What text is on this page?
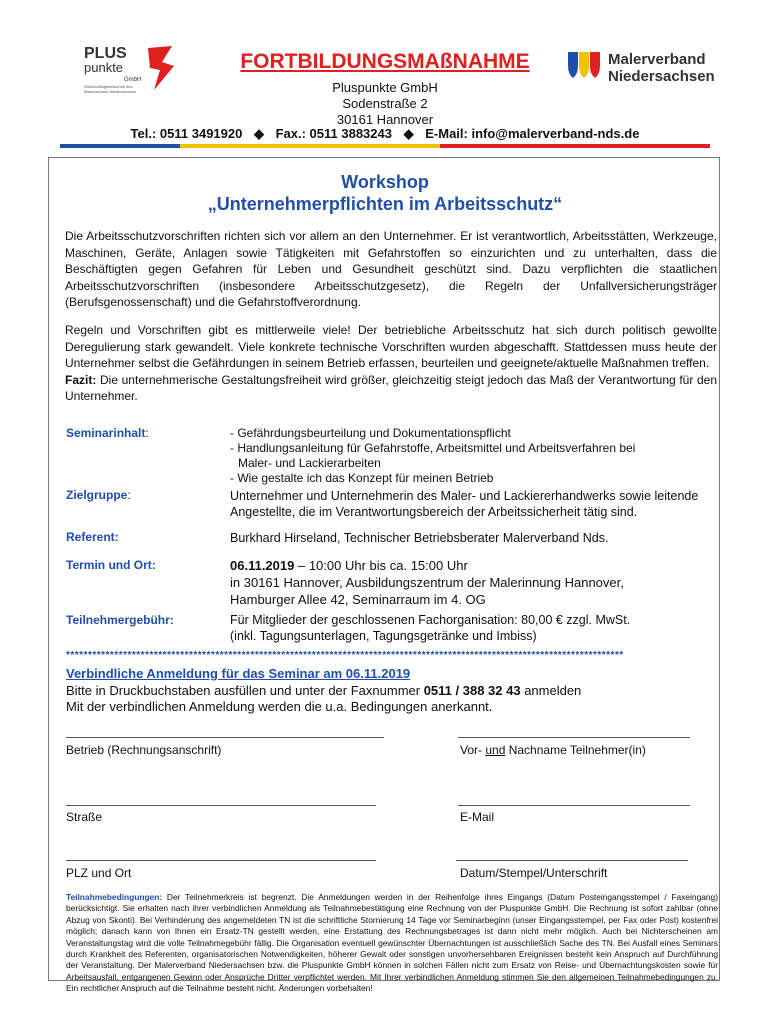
PLUS
punkte
GmbH
Wirtschaftsgesellschaft des
Malerverband Niedersachsen
FORTBILDUNGSMAßNAHME	Malerverband
Niedersachsen
Pluspunkte GmbH
Sodenstraße 2
30161 Hannover
Tel.: 0511 3491920 ◆ Fax.: 0511 3883243 ◆ E-Mail: info@malerverband-nds.de
Workshop
„Unternehmerpflichten im Arbeitsschutz“
Die Arbeitsschutzvorschriften richten sich vor allem an den Unternehmer. Er ist verantwortlich, Arbeitsstätten, Werkzeuge, Maschinen, Geräte, Anlagen sowie Tätigkeiten mit Gefahrstoffen so einzurichten und zu unterhalten, dass die Beschäftigten gegen Gefahren für Leben und Gesundheit geschützt sind. Dazu verpflichten die staatlichen Arbeitsschutzvorschriften (insbesondere Arbeitsschutzgesetz), die Regeln der Unfallversicherungsträger (Berufsgenossenschaft) und die Gefahrstoffverordnung.
Regeln und Vorschriften gibt es mittlerweile viele! Der betriebliche Arbeitsschutz hat sich durch politisch gewollte Deregulierung stark gewandelt. Viele konkrete technische Vorschriften wurden abgeschafft. Stattdessen muss heute der Unternehmer selbst die Gefährdungen in seinem Betrieb erfassen, beurteilen und geeignete/aktuelle Maßnahmen treffen.
Fazit: Die unternehmerische Gestaltungsfreiheit wird größer, gleichzeitig steigt jedoch das Maß der Verantwortung für den Unternehmer.
Seminarinhalt:	- Gefährdungsbeurteilung und Dokumentationspflicht
- Handlungsanleitung für Gefahrstoffe, Arbeitsmittel und Arbeitsverfahren bei
Maler- und Lackierarbeiten
- Wie gestalte ich das Konzept für meinen Betrieb
Zielgruppe:	Unternehmer und Unternehmerin des Maler- und Lackiererhandwerks sowie leitende
Angestellte, die im Verantwortungsbereich der Arbeitssicherheit tätig sind.
Referent:	Burkhard Hirseland, Technischer Betriebsberater Malerverband Nds.
Termin und Ort:	06.11.2019 – 10:00 Uhr bis ca. 15:00 Uhr
in 30161 Hannover, Ausbildungszentrum der Malerinnung Hannover,
Hamburger Allee 42, Seminarraum im 4. OG
Teilnehmergebühr:	Für Mitglieder der geschlossenen Fachorganisation: 80,00 € zzgl. MwSt.
(inkl. Tagungsunterlagen, Tagungsgetränke und Imbiss)
*******************************************************************************************************************************
Verbindliche Anmeldung für das Seminar am 06.11.2019
Bitte in Druckbuchstaben ausfüllen und unter der Faxnummer 0511 / 388 32 43 anmelden
Mit der verbindlichen Anmeldung werden die u.a. Bedingungen anerkannt.
Betrieb (Rechnungsanschrift)	Vor- und Nachname Teilnehmer(in)
Straße	E-Mail
PLZ und Ort	Datum/Stempel/Unterschrift
Teilnahmebedingungen: Der Teilnehmerkreis ist begrenzt. Die Anmeldungen werden in der Reihenfolge ihres Eingangs (Datum Posteingangsstempel / Faxeingang) berücksichtigt. Sie erhalten nach ihrer verbindlichen Anmeldung als Teilnahmebestätigung eine Rechnung von der Pluspunkte GmbH. Die Rechnung ist sofort zahlbar (ohne Abzug von Skonti). Bei Verhinderung des angemeldeten TN ist die schriftliche Stornierung 14 Tage vor Seminarbeginn (unser Eingangsstempel, per Fax oder Post) kostenfrei möglich; danach kann von Ihnen ein Ersatz-TN gestellt werden, eine Erstattung des Rechnungsbetrages ist dann nicht mehr möglich. Auch bei Nichterscheinen am Veranstaltungstag wird die volle Teilnahmegebühr fällig. Die Organisation eventuell gewünschter Übernachtungen ist ausschließlich Sache des TN. Bei Ausfall eines Seminars durch Krankheit des Referenten, organisatorischen Notwendigkeiten, höherer Gewalt oder sonstigen unvorhersehbaren Ereignissen besteht kein Anspruch auf Durchführung der Veranstaltung. Der Malerverband Niedersachsen bzw. die Pluspunkte GmbH können in solchen Fällen nicht zum Ersatz von Reise- und Übernachtungskosten sowie für Arbeitsausfall, entgangenen Gewinn oder Ansprüche Dritter verpflichtet werden. Mit Ihrer verbindlichen Anmeldung stimmen Sie den allgemeinen Teilnahmebedingungen zu. Ein rechtlicher Anspruch auf die Teilnahme besteht nicht. Änderungen vorbehalten!
